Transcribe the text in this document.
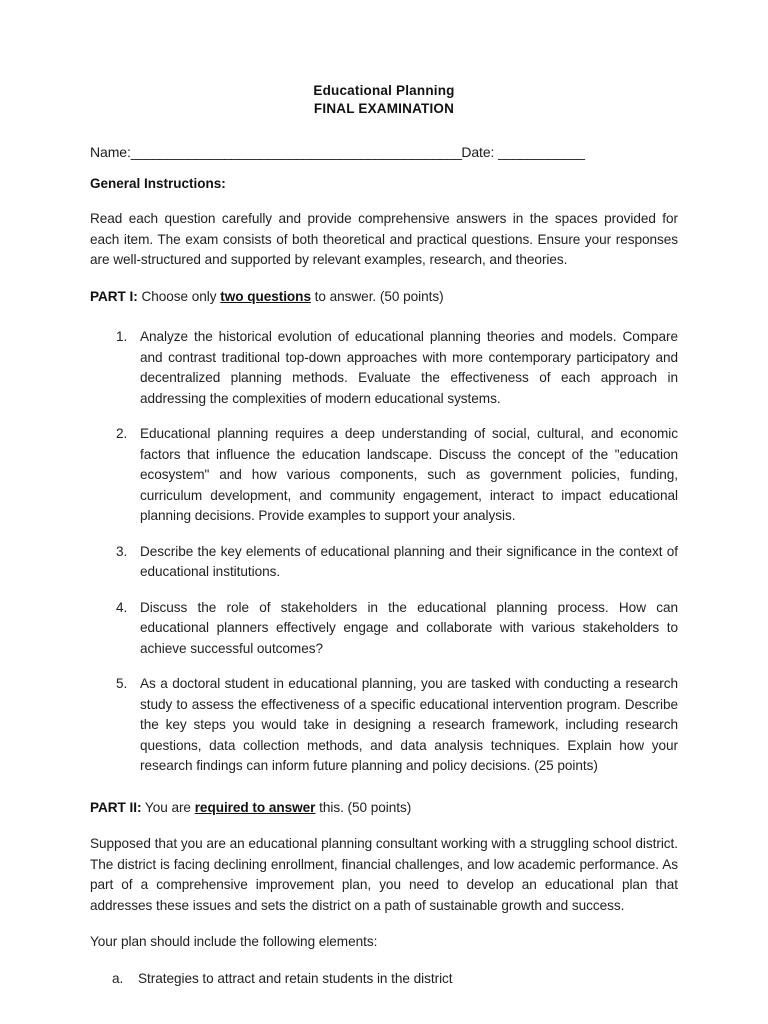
Educational Planning
FINAL EXAMINATION
Name:______________________________________________Date: ____________
General Instructions:

Read each question carefully and provide comprehensive answers in the spaces provided for each item. The exam consists of both theoretical and practical questions. Ensure your responses are well-structured and supported by relevant examples, research, and theories.

PART I: Choose only two questions to answer. (50 points)

1. Analyze the historical evolution of educational planning theories and models. Compare and contrast traditional top-down approaches with more contemporary participatory and decentralized planning methods. Evaluate the effectiveness of each approach in addressing the complexities of modern educational systems.
2. Educational planning requires a deep understanding of social, cultural, and economic factors that influence the education landscape. Discuss the concept of the "education ecosystem" and how various components, such as government policies, funding, curriculum development, and community engagement, interact to impact educational planning decisions. Provide examples to support your analysis.
3. Describe the key elements of educational planning and their significance in the context of educational institutions.
4. Discuss the role of stakeholders in the educational planning process. How can educational planners effectively engage and collaborate with various stakeholders to achieve successful outcomes?
5. As a doctoral student in educational planning, you are tasked with conducting a research study to assess the effectiveness of a specific educational intervention program. Describe the key steps you would take in designing a research framework, including research questions, data collection methods, and data analysis techniques. Explain how your research findings can inform future planning and policy decisions. (25 points)

PART II: You are required to answer this. (50 points)

Supposed that you are an educational planning consultant working with a struggling school district. The district is facing declining enrollment, financial challenges, and low academic performance. As part of a comprehensive improvement plan, you need to develop an educational plan that addresses these issues and sets the district on a path of sustainable growth and success.

Your plan should include the following elements:

a.	Strategies to attract and retain students in the district
